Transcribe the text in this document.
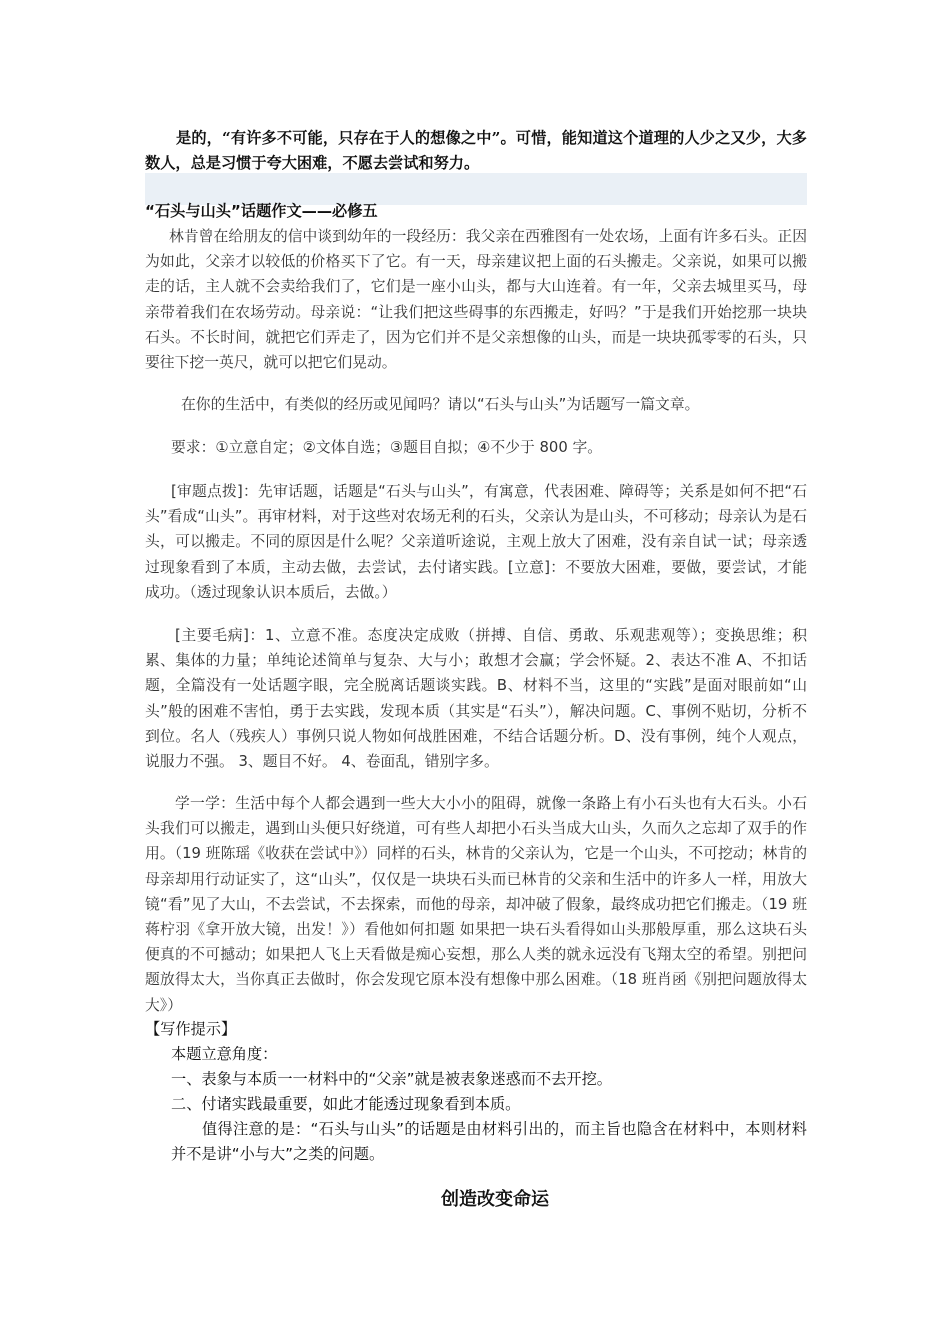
是的，“有许多不可能，只存在于人的想像之中”。可惜，能知道这个道理的人少之又少，大多数人，总是习惯于夸大困难，不愿去尝试和努力。
“石头与山头”话题作文——必修五
林肯曾在给朋友的信中谈到幼年的一段经历：我父亲在西雅图有一处农场，上面有许多石头。正因为如此，父亲才以较低的价格买下了它。有一天，母亲建议把上面的石头搬走。父亲说，如果可以搬走的话，主人就不会卖给我们了，它们是一座小山头，都与大山连着。有一年，父亲去城里买马，母亲带着我们在农场劳动。母亲说：“让我们把这些碍事的东西搬走，好吗？”于是我们开始挖那一块块石头。不长时间，就把它们弄走了，因为它们并不是父亲想像的山头，而是一块块孤零零的石头，只要往下挖一英尺，就可以把它们晃动。
在你的生活中，有类似的经历或见闻吗？请以“石头与山头”为话题写一篇文章。
要求：①立意自定；②文体自选；③题目自拟；④不少于 800 字。
[审题点拨]：先审话题，话题是“石头与山头”，有寓意，代表困难、障碍等；关系是如何不把“石头”看成“山头”。再审材料，对于这些对农场无利的石头，父亲认为是山头，不可移动；母亲认为是石头，可以搬走。不同的原因是什么呢？父亲道听途说，主观上放大了困难，没有亲自试一试；母亲透过现象看到了本质，主动去做，去尝试，去付诸实践。[立意]：不要放大困难，要做，要尝试，才能成功。（透过现象认识本质后，去做。）
[主要毛病]：1、立意不准。态度决定成败（拼搏、自信、勇敢、乐观悲观等）；变换思维；积累、集体的力量；单纯论述简单与复杂、大与小；敢想才会赢；学会怀疑。2、表达不准 A、不扣话题，全篇没有一处话题字眼，完全脱离话题谈实践。B、材料不当，这里的“实践”是面对眼前如“山头”般的困难不害怕，勇于去实践，发现本质（其实是“石头”），解决问题。C、事例不贴切，分析不到位。名人（残疾人）事例只说人物如何战胜困难，不结合话题分析。D、没有事例，纯个人观点，说服力不强。 3、题目不好。 4、卷面乱，错别字多。
学一学：生活中每个人都会遇到一些大大小小的阻碍，就像一条路上有小石头也有大石头。小石头我们可以搬走，遇到山头便只好绕道，可有些人却把小石头当成大山头，久而久之忘却了双手的作用。（19 班陈瑶《收获在尝试中》）同样的石头，林肯的父亲认为，它是一个山头，不可挖动；林肯的母亲却用行动证实了，这“山头”，仅仅是一块块石头而已林肯的父亲和生活中的许多人一样，用放大镜“看”见了大山，不去尝试，不去探索，而他的母亲，却冲破了假象，最终成功把它们搬走。（19 班蒋柠羽《拿开放大镜，出发！》）看他如何扣题 如果把一块石头看得如山头那般厚重，那么这块石头便真的不可撼动；如果把人飞上天看做是痴心妄想，那么人类的就永远没有飞翔太空的希望。别把问题放得太大，当你真正去做时，你会发现它原本没有想像中那么困难。（18 班肖函《别把问题放得太大》）
【写作提示】
本题立意角度：
一、表象与本质一一材料中的“父亲”就是被表象迷惑而不去开挖。
二、付诸实践最重要，如此才能透过现象看到本质。
值得注意的是：“石头与山头”的话题是由材料引出的，而主旨也隐含在材料中，本则材料并不是讲“小与大”之类的问题。
创造改变命运
